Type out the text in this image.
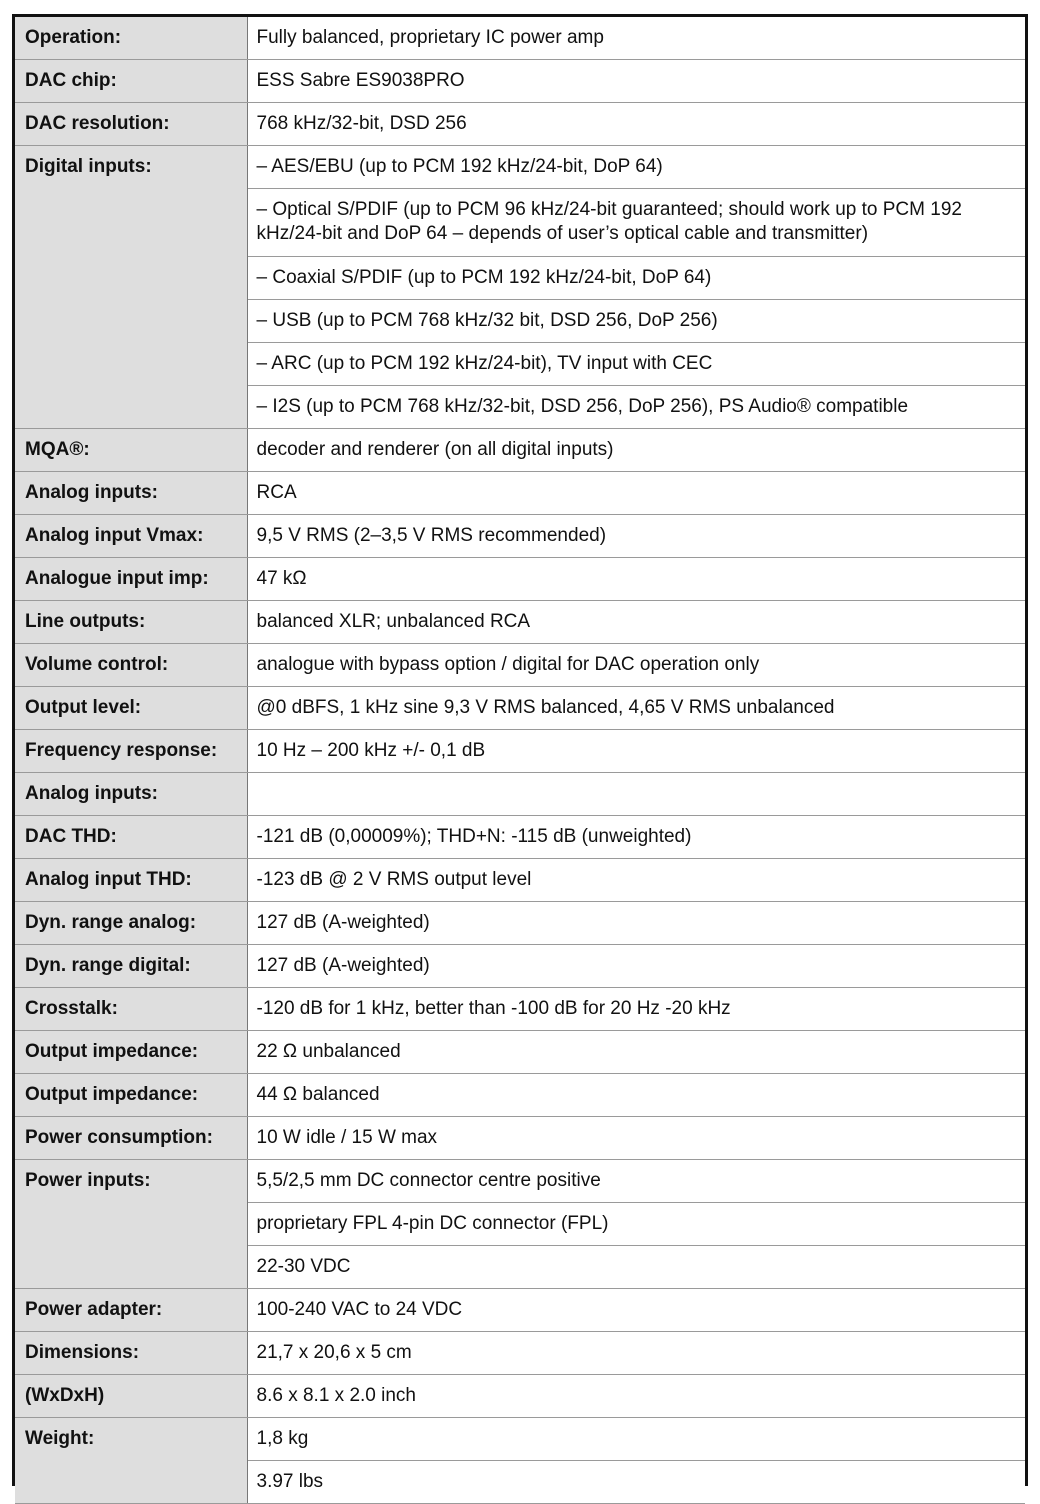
Operation:	Fully balanced, proprietary IC power amp
DAC chip:	ESS Sabre ES9038PRO
DAC resolution:	768 kHz/32-bit, DSD 256
Digital inputs:	– AES/EBU (up to PCM 192 kHz/24-bit, DoP 64)
	– Optical S/PDIF (up to PCM 96 kHz/24-bit guaranteed; should work up to PCM 192 kHz/24-bit and DoP 64 – depends of user’s optical cable and transmitter)
	– Coaxial S/PDIF (up to PCM 192 kHz/24-bit, DoP 64)
	– USB (up to PCM 768 kHz/32 bit, DSD 256, DoP 256)
	– ARC (up to PCM 192 kHz/24-bit), TV input with CEC
	– I2S (up to PCM 768 kHz/32-bit, DSD 256, DoP 256), PS Audio® compatible
MQA®:	decoder and renderer (on all digital inputs)
Analog inputs:	RCA
Analog input Vmax:	9,5 V RMS (2–3,5 V RMS recommended)
Analogue input imp:	47 kΩ
Line outputs:	balanced XLR; unbalanced RCA
Volume control:	analogue with bypass option / digital for DAC operation only
Output level:	@0 dBFS, 1 kHz sine 9,3 V RMS balanced, 4,65 V RMS unbalanced
Frequency response:	10 Hz – 200 kHz +/- 0,1 dB
Analog inputs:	
DAC THD:	-121 dB (0,00009%); THD+N: -115 dB (unweighted)
Analog input THD:	-123 dB @ 2 V RMS output level
Dyn. range analog:	127 dB (A-weighted)
Dyn. range digital:	127 dB (A-weighted)
Crosstalk:	-120 dB for 1 kHz, better than -100 dB for 20 Hz -20 kHz
Output impedance:	22 Ω unbalanced
Output impedance:	44 Ω balanced
Power consumption:	10 W idle / 15 W max
Power inputs:	5,5/2,5 mm DC connector centre positive
	proprietary FPL 4-pin DC connector (FPL)
	22-30 VDC
Power adapter:	100-240 VAC to 24 VDC
Dimensions:	21,7 x 20,6 x 5 cm
(WxDxH)	8.6 x 8.1 x 2.0 inch
Weight:	1,8 kg
	3.97 lbs
